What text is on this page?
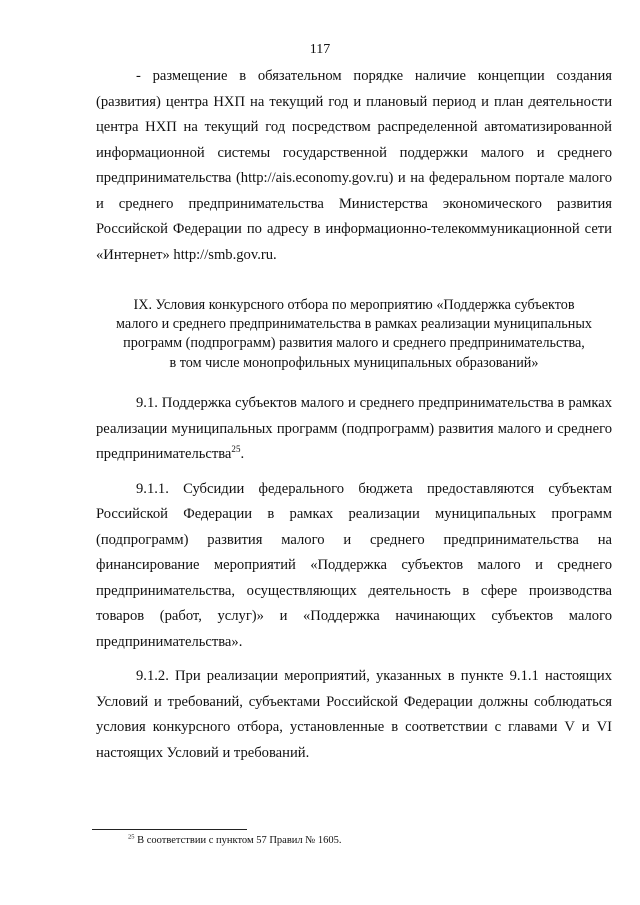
117

- размещение в обязательном порядке наличие концепции создания (развития) центра НХП на текущий год и плановый период и план деятельности центра НХП на текущий год посредством распределенной автоматизированной информационной системы государственной поддержки малого и среднего предпринимательства (http://ais.economy.gov.ru) и на федеральном портале малого и среднего предпринимательства Министерства экономического развития Российской Федерации по адресу в информационно-телекоммуникационной сети «Интернет» http://smb.gov.ru.

IX. Условия конкурсного отбора по мероприятию «Поддержка субъектов
малого и среднего предпринимательства в рамках реализации муниципальных
программ (подпрограмм) развития малого и среднего предпринимательства,
в том числе монопрофильных муниципальных образований»

9.1. Поддержка субъектов малого и среднего предпринимательства в рамках реализации муниципальных программ (подпрограмм) развития малого и среднего предпринимательства$^{25}$.

9.1.1. Субсидии федерального бюджета предоставляются субъектам Российской Федерации в рамках реализации муниципальных программ (подпрограмм) развития малого и среднего предпринимательства на финансирование мероприятий «Поддержка субъектов малого и среднего предпринимательства, осуществляющих деятельность в сфере производства товаров (работ, услуг)» и «Поддержка начинающих субъектов малого предпринимательства».

9.1.2. При реализации мероприятий, указанных в пункте 9.1.1 настоящих Условий и требований, субъектами Российской Федерации должны соблюдаться условия конкурсного отбора, установленные в соответствии с главами V и VI настоящих Условий и требований.

$^{25}$ В соответствии с пунктом 57 Правил № 1605.
